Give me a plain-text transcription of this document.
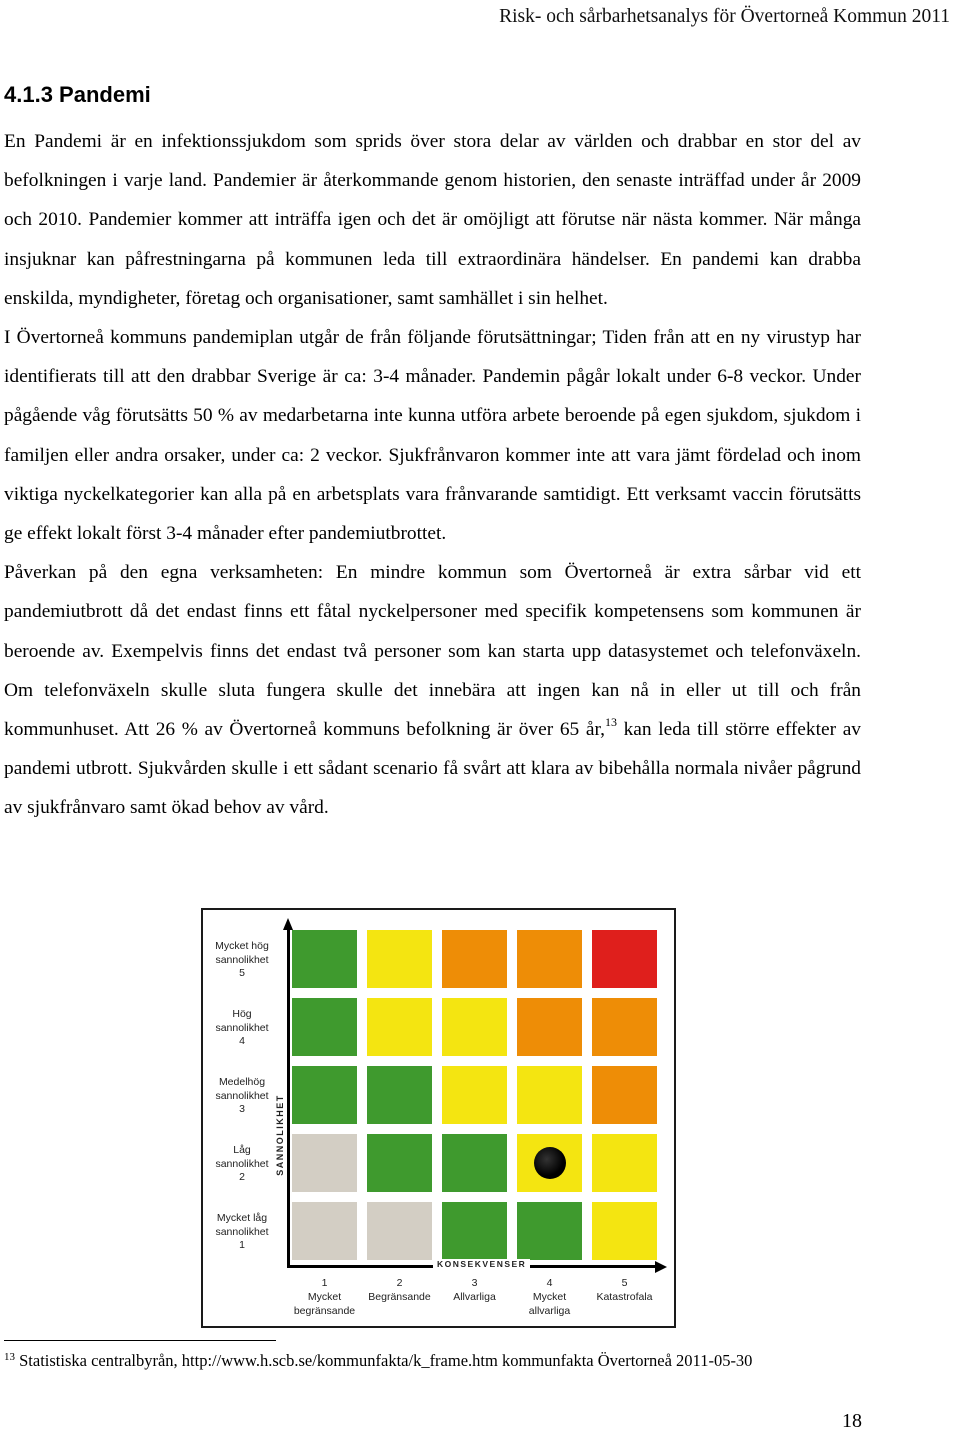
Risk- och sårbarhetsanalys för Övertorneå Kommun 2011
4.1.3 Pandemi

En Pandemi är en infektionssjukdom som sprids över stora delar av världen och drabbar en stor del av befolkningen i varje land. Pandemier är återkommande genom historien, den senaste inträffad under år 2009 och 2010. Pandemier kommer att inträffa igen och det är omöjligt att förutse när nästa kommer. När många insjuknar kan påfrestningarna på kommunen leda till extraordinära händelser. En pandemi kan drabba enskilda, myndigheter, företag och organisationer, samt samhället i sin helhet.

I Övertorneå kommuns pandemiplan utgår de från följande förutsättningar; Tiden från att en ny virustyp har identifierats till att den drabbar Sverige är ca: 3-4 månader. Pandemin pågår lokalt under 6-8 veckor. Under pågående våg förutsätts 50 % av medarbetarna inte kunna utföra arbete beroende på egen sjukdom, sjukdom i familjen eller andra orsaker, under ca: 2 veckor. Sjukfrånvaron kommer inte att vara jämt fördelad och inom viktiga nyckelkategorier kan alla på en arbetsplats vara frånvarande samtidigt. Ett verksamt vaccin förutsätts ge effekt lokalt först 3-4 månader efter pandemiutbrottet.

Påverkan på den egna verksamheten: En mindre kommun som Övertorneå är extra sårbar vid ett pandemiutbrott då det endast finns ett fåtal nyckelpersoner med specifik kompetensens som kommunen är beroende av. Exempelvis finns det endast två personer som kan starta upp datasystemet och telefonväxeln. Om telefonväxeln skulle sluta fungera skulle det innebära att ingen kan nå in eller ut till och från kommunhuset. Att 26 % av Övertorneå kommuns befolkning är över 65 år,$^{13}$ kan leda till större effekter av pandemi utbrott. Sjukvården skulle i ett sådant scenario få svårt att klara av bibehålla normala nivåer pågrund av sjukfrånvaro samt ökad behov av vård.

Mycket hög
sannolikhet
5
Hög
sannolikhet
4
Medelhög
sannolikhet
3
Låg
sannolikhet
2
Mycket låg
sannolikhet
1
SANNOLIKHET
KONSEKVENSER
1
Mycket
begränsande
2
Begränsande
3
Allvarliga
4
Mycket
allvarliga
5
Katastrofala
$^{13}$ Statistiska centralbyrån, http://www.h.scb.se/kommunfakta/k_frame.htm kommunfakta Övertorneå 2011-05-30
18
